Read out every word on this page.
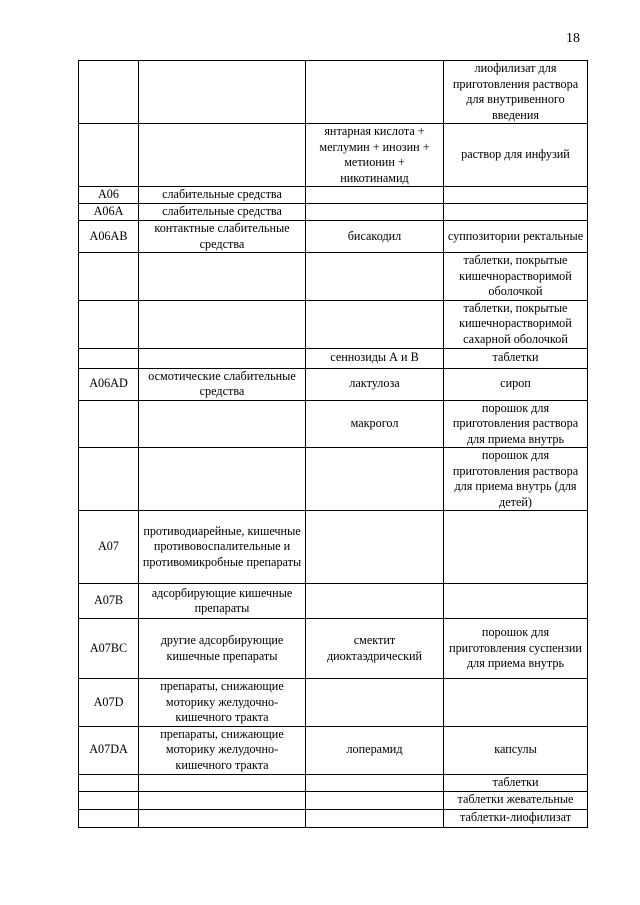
18
			лиофилизат для приготовления раствора для внутривенного введения
		янтарная кислота + меглумин + инозин + метионин + никотинамид	раствор для инфузий
A06	слабительные средства		
A06A	слабительные средства		
A06AB	контактные слабительные средства	бисакодил	суппозитории ректальные
			таблетки, покрытые кишечнорастворимой оболочкой
			таблетки, покрытые кишечнорастворимой сахарной оболочкой
		сеннозиды А и В	таблетки
A06AD	осмотические слабительные средства	лактулоза	сироп
		макрогол	порошок для приготовления раствора для приема внутрь
			порошок для приготовления раствора для приема внутрь (для детей)
A07	противодиарейные, кишечные противовоспалительные и противомикробные препараты		
A07B	адсорбирующие кишечные препараты		
A07BC	другие адсорбирующие кишечные препараты	смектит диоктаэдрический	порошок для приготовления суспензии для приема внутрь
A07D	препараты, снижающие моторику желудочно-кишечного тракта		
A07DA	препараты, снижающие моторику желудочно-кишечного тракта	лоперамид	капсулы
			таблетки
			таблетки жевательные
			таблетки-лиофилизат
